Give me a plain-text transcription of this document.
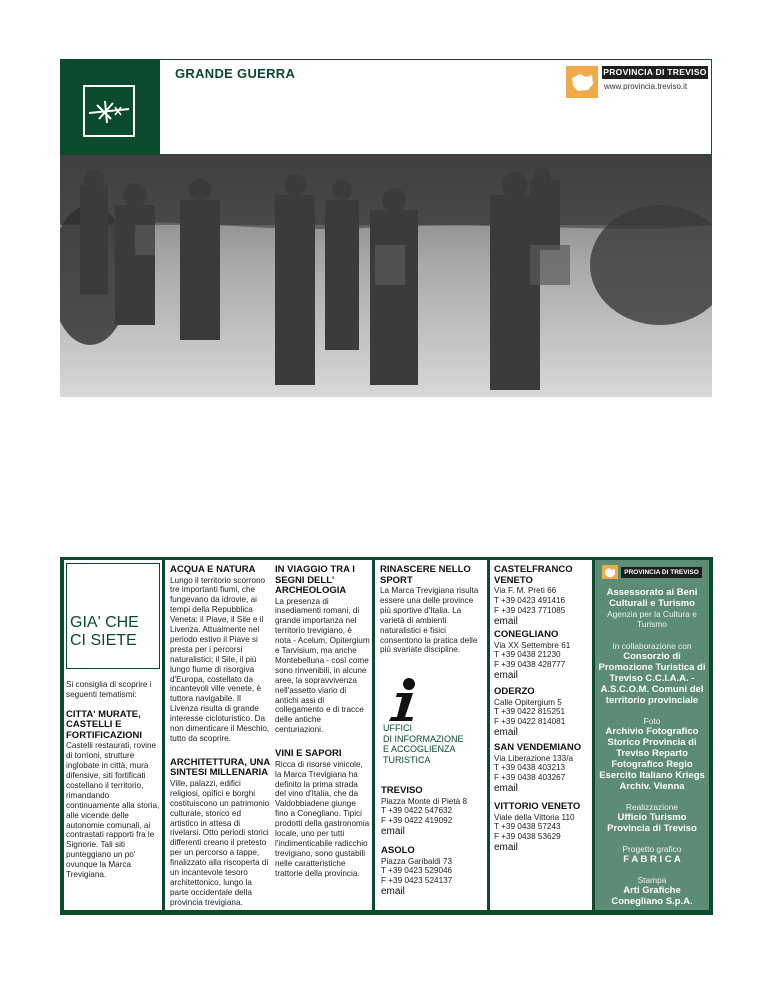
GRANDE GUERRA	PROVINCIA DI TREVISO
www.provincia.treviso.it
GIA' CHE
CI SIETE

Si consiglia di scoprire i seguenti tematismi:

CITTA' MURATE, CASTELLI E FORTIFICAZIONI

Castelli restaurati, rovine di torrioni, strutture inglobate in città, mura difensive, siti fortificati costellano il territorio, rimandando continuamente alla storia, alle vicende delle autonomie comunali, ai contrastati rapporti fra le Signorie. Tali siti punteggiano un po' ovunque la Marca Trevigiana.

ACQUA E NATURA

Lungo il territorio scorrono tre importanti fiumi, che fungevano da idrovie, ai tempi della Repubblica Veneta: il Piave, il Sile e il Livenza. Attualmente nel periodo estivo il Piave si presta per i percorsi naturalistici; il Sile, il più lungo fiume di risorgiva d'Europa, costellato da incantevoli ville venete, è tuttora navigabile. Il Livenza risulta di grande interesse cicloturistico. Da non dimenticare il Meschio, tutto da scoprire.

ARCHITETTURA, UNA SINTESI MILLENARIA

Ville, palazzi, edifici religiosi, opifici e borghi costituiscono un patrimonio culturale, storico ed artistico in attesa di rivelarsi. Otto periodi storici differenti creano il pretesto per un percorso a tappe, finalizzato alla riscoperta di un incantevole tesoro architettonico, lungo la parte occidentale della provincia trevigiana.

IN VIAGGIO TRA I SEGNI DELL' ARCHEOLOGIA

La presenza di insediamenti romani, di grande importanza nel territorio trevigiano, è nota - Acelum, Opitergium e Tarvisium, ma anche Montebelluna - così come sono rinvenibili, in alcune aree, la sopravvivenza nell'assetto viario di antichi assi di collegamento e di tracce delle antiche centuriazioni.

VINI E SAPORI

Ricca di risorse vinicole, la Marca Trevigiana ha definito la prima strada del vino d'Italia, che da Valdobbiadene giunge fino a Conegliano. Tipici prodotti della gastronomia locale, uno per tutti l'indimenticabile radicchio trevigiano, sono gustabili nelle caratteristiche trattorie della provincia.

RINASCERE NELLO SPORT

La Marca Trevigiana risulta essere una delle province più sportive d'Italia. La varietà di ambienti naturalistici e fisici consentono la pratica delle più svariate discipline.

UFFICI
DI INFORMAZIONE
E ACCOGLIENZA
TURISTICA

TREVISO

Piazza Monte di Pietà 8

T +39 0422 547632

F +39 0422 419092

email

ASOLO

Piazza Garibaldi 73

T +39 0423 529046

F +39 0423 524137

email

CASTELFRANCO VENETO

Via F. M. Preti 66

T +39 0423 491416

F +39 0423 771085

email

CONEGLIANO

Via XX Settembre 61

T +39 0438 21230

F +39 0438 428777

email

ODERZO

Calle Opitergium 5

T +39 0422 815251

F +39 0422 814081

email

SAN VENDEMIANO

Via Liberazione 133/a

T +39 0438 403213

F +39 0438 403267

email

VITTORIO VENETO

Viale della Vittoria 110

T +39 0438 57243

F +39 0438 53629

email

PROVINCIA DI TREVISO

Assessorato ai Beni Culturali e Turismo

Agenzia per la Cultura e Turismo

In collaborazione con

Consorzio di Promozione Turistica di Treviso C.C.I.A.A. - A.S.C.O.M. Comuni del territorio provinciale

Foto

Archivio Fotografico Storico Provincia di Treviso Reparto Fotografico Regio Esercito Italiano Kriegs Archiv. Vienna

Realizzazione

Ufficio Turismo Provincia di Treviso

Progetto grafico

F A B R I C A

Stampa

Arti Grafiche Conegliano S.p.A.
